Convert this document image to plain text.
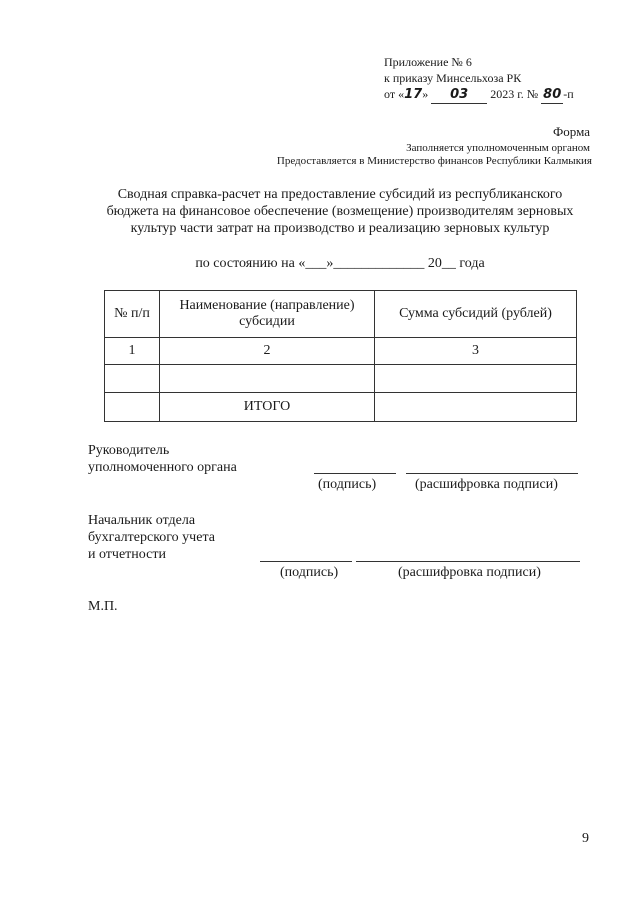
Приложение № 6
к приказу Минсельхоза РК
от «17» 03 2023 г. № 80 -п
Форма
Заполняется уполномоченным органом
Предоставляется в Министерство финансов Республики Калмыкия
Сводная справка-расчет на предоставление субсидий из республиканского бюджета на финансовое обеспечение (возмещение) производителям зерновых культур части затрат на производство и реализацию зерновых культур
по состоянию на «___»_____________ 20__ года
№ п/п	Наименование (направление) субсидии	Сумма субсидий (рублей)
1	2	3

	ИТОГО	
Руководитель
уполномоченного органа
(подпись)	(расшифровка подписи)
Начальник отдела
бухгалтерского учета
и отчетности
(подпись)	(расшифровка подписи)
М.П.
9
